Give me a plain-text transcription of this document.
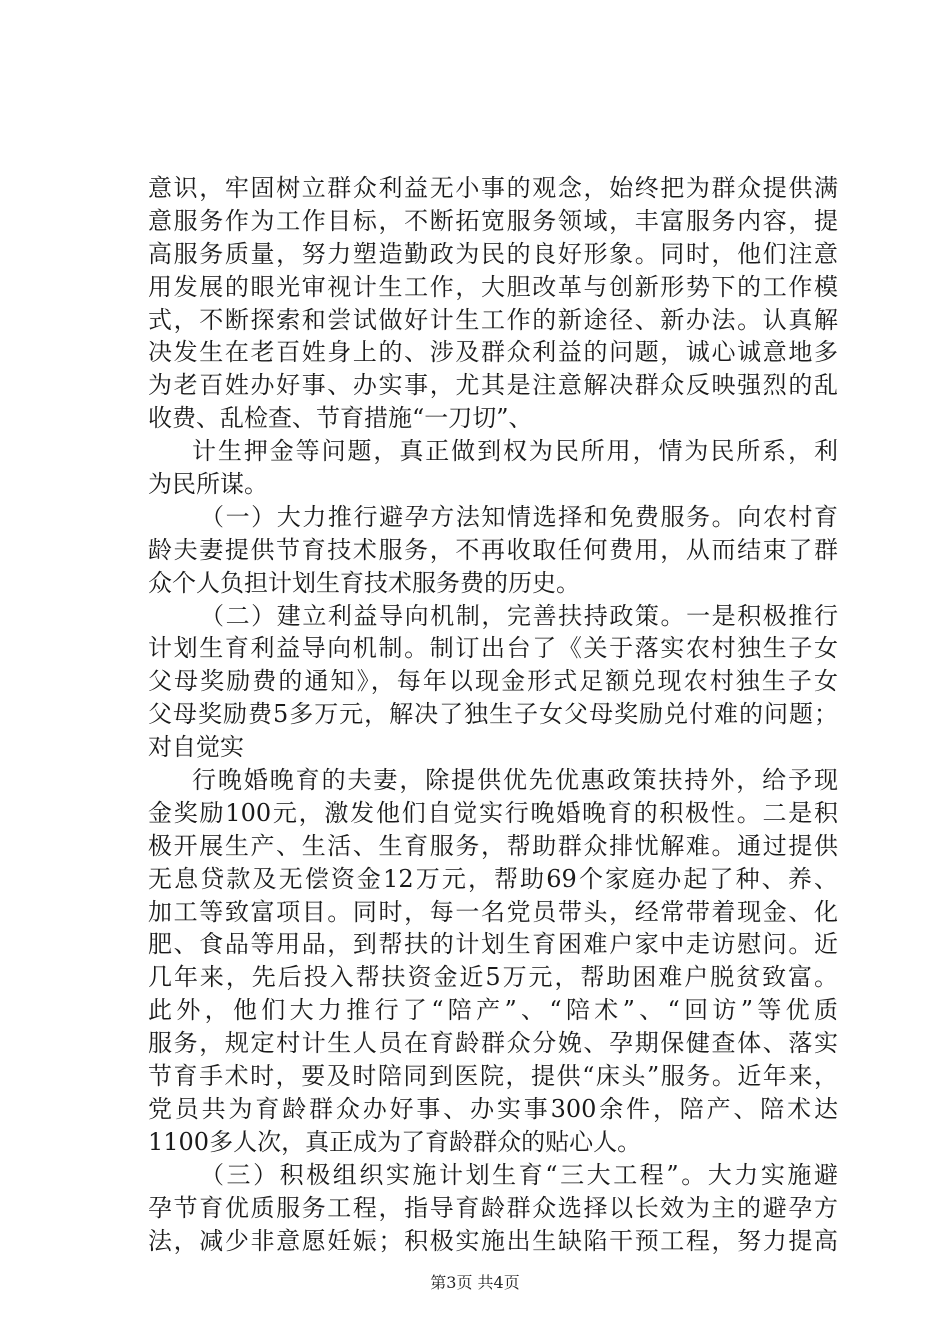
意识，牢固树立群众利益无小事的观念，始终把为群众提供满
意服务作为工作目标，不断拓宽服务领域，丰富服务内容，提
高服务质量，努力塑造勤政为民的良好形象。同时，他们注意
用发展的眼光审视计生工作，大胆改革与创新形势下的工作模
式，不断探索和尝试做好计生工作的新途径、新办法。认真解
决发生在老百姓身上的、涉及群众利益的问题，诚心诚意地多
为老百姓办好事、办实事，尤其是注意解决群众反映强烈的乱
收费、乱检查、节育措施“一刀切”、
计生押金等问题，真正做到权为民所用，情为民所系，利
为民所谋。
（一）大力推行避孕方法知情选择和免费服务。向农村育
龄夫妻提供节育技术服务，不再收取任何费用，从而结束了群
众个人负担计划生育技术服务费的历史。
（二）建立利益导向机制，完善扶持政策。一是积极推行
计划生育利益导向机制。制订出台了《关于落实农村独生子女
父母奖励费的通知》，每年以现金形式足额兑现农村独生子女
父母奖励费5多万元，解决了独生子女父母奖励兑付难的问题；
对自觉实
行晚婚晚育的夫妻，除提供优先优惠政策扶持外，给予现
金奖励100元，激发他们自觉实行晚婚晚育的积极性。二是积
极开展生产、生活、生育服务，帮助群众排忧解难。通过提供
无息贷款及无偿资金12万元，帮助69个家庭办起了种、养、
加工等致富项目。同时，每一名党员带头，经常带着现金、化
肥、食品等用品，到帮扶的计划生育困难户家中走访慰问。近
几年来，先后投入帮扶资金近5万元，帮助困难户脱贫致富。
此外，他们大力推行了“陪产”、“陪术”、“回访”等优质
服务，规定村计生人员在育龄群众分娩、孕期保健查体、落实
节育手术时，要及时陪同到医院，提供“床头”服务。近年来，
党员共为育龄群众办好事、办实事300余件，陪产、陪术达
1100多人次，真正成为了育龄群众的贴心人。
（三）积极组织实施计划生育“三大工程”。大力实施避
孕节育优质服务工程，指导育龄群众选择以长效为主的避孕方
法，减少非意愿妊娠；积极实施出生缺陷干预工程，努力提高
第3页 共4页
